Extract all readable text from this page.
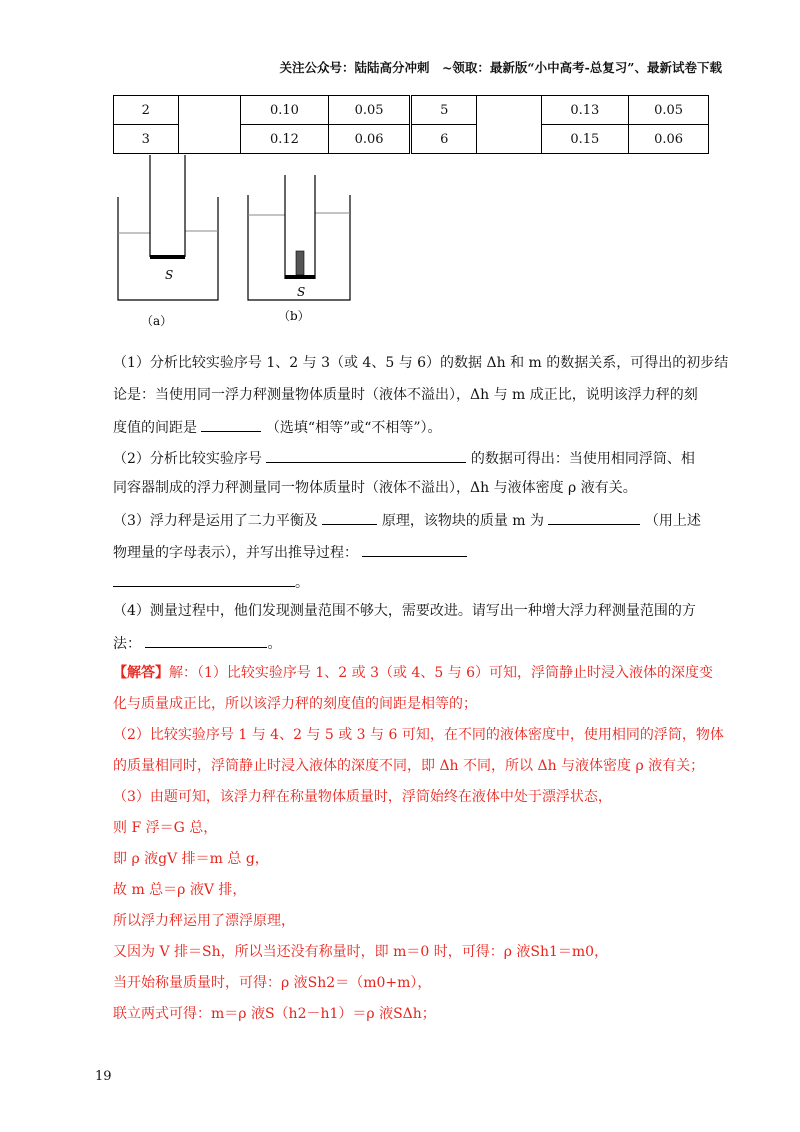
关注公众号：陆陆高分冲刺　~领取：最新版“小中高考-总复习”、最新试卷下载
2		0.10	0.05	5		0.13	0.05
3		0.12	0.06	6		0.15	0.06
S
（a）
S
（b）
（1）分析比较实验序号 1、2 与 3（或 4、5 与 6）的数据 Δh 和 m 的数据关系，可得出的初步结
论是：当使用同一浮力秤测量物体质量时（液体不溢出），Δh 与 m 成正比，说明该浮力秤的刻
度值的间距是	（选填“相等”或“不相等”）。
（2）分析比较实验序号	的数据可得出：当使用相同浮筒、相
同容器制成的浮力秤测量同一物体质量时（液体不溢出），Δh 与液体密度 ρ 液有关。
（3）浮力秤是运用了二力平衡及	原理，该物块的质量 m 为	（用上述
物理量的字母表示），并写出推导过程：
。
（4）测量过程中，他们发现测量范围不够大，需要改进。请写出一种增大浮力秤测量范围的方
法：	。
【解答】解：（1）比较实验序号 1、2 或 3（或 4、5 与 6）可知，浮筒静止时浸入液体的深度变
化与质量成正比，所以该浮力秤的刻度值的间距是相等的；
（2）比较实验序号 1 与 4、2 与 5 或 3 与 6 可知，在不同的液体密度中，使用相同的浮筒，物体
的质量相同时，浮筒静止时浸入液体的深度不同，即 Δh 不同，所以 Δh 与液体密度 ρ 液有关；
（3）由题可知，该浮力秤在称量物体质量时，浮筒始终在液体中处于漂浮状态，
则 F 浮＝G 总，
即 ρ 液gV 排＝m 总 g，
故 m 总＝ρ 液V 排，
所以浮力秤运用了漂浮原理，
又因为 V 排＝Sh，所以当还没有称量时，即 m＝0 时，可得：ρ 液Sh1＝m0，
当开始称量质量时，可得：ρ 液Sh2＝（m0+m），
联立两式可得：m＝ρ 液S（h2－h1）＝ρ 液SΔh；
19
